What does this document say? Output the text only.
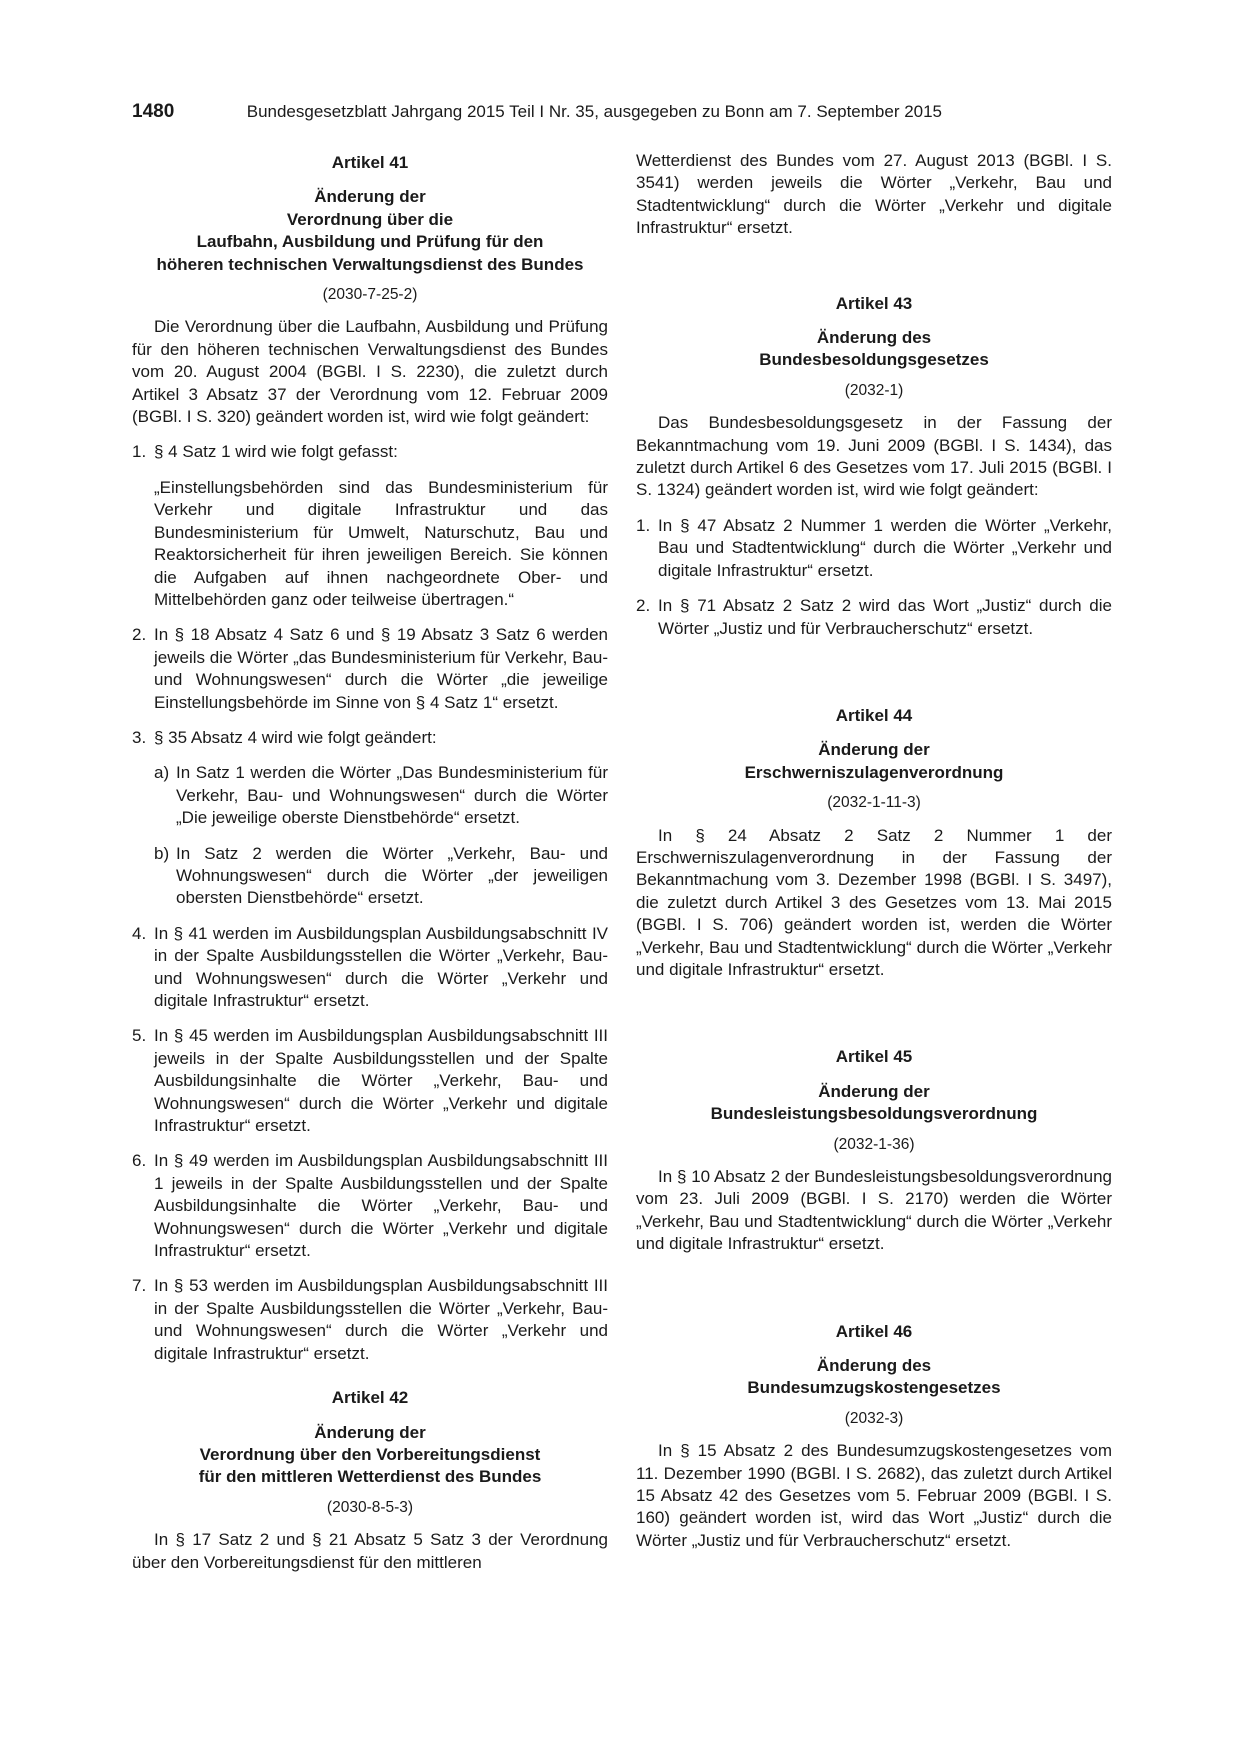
1480	Bundesgesetzblatt Jahrgang 2015 Teil I Nr. 35, ausgegeben zu Bonn am 7. September 2015
Artikel 41
Änderung der
Verordnung über die
Laufbahn, Ausbildung und Prüfung für den
höheren technischen Verwaltungsdienst des Bundes
(2030-7-25-2)

Die Verordnung über die Laufbahn, Ausbildung und Prüfung für den höheren technischen Verwaltungsdienst des Bundes vom 20. August 2004 (BGBl. I S. 2230), die zuletzt durch Artikel 3 Absatz 37 der Verordnung vom 12. Februar 2009 (BGBl. I S. 320) geändert worden ist, wird wie folgt geändert:

1. § 4 Satz 1 wird wie folgt gefasst:

„Einstellungsbehörden sind das Bundesministerium für Verkehr und digitale Infrastruktur und das Bundesministerium für Umwelt, Naturschutz, Bau und Reaktorsicherheit für ihren jeweiligen Bereich. Sie können die Aufgaben auf ihnen nachgeordnete Ober- und Mittelbehörden ganz oder teilweise übertragen.“

2. In § 18 Absatz 4 Satz 6 und § 19 Absatz 3 Satz 6 werden jeweils die Wörter „das Bundesministerium für Verkehr, Bau- und Wohnungswesen“ durch die Wörter „die jeweilige Einstellungsbehörde im Sinne von § 4 Satz 1“ ersetzt.
3. § 35 Absatz 4 wird wie folgt geändert:
a) In Satz 1 werden die Wörter „Das Bundesministerium für Verkehr, Bau- und Wohnungswesen“ durch die Wörter „Die jeweilige oberste Dienstbehörde“ ersetzt.
b) In Satz 2 werden die Wörter „Verkehr, Bau- und Wohnungswesen“ durch die Wörter „der jeweiligen obersten Dienstbehörde“ ersetzt.
4. In § 41 werden im Ausbildungsplan Ausbildungsabschnitt IV in der Spalte Ausbildungsstellen die Wörter „Verkehr, Bau- und Wohnungswesen“ durch die Wörter „Verkehr und digitale Infrastruktur“ ersetzt.
5. In § 45 werden im Ausbildungsplan Ausbildungsabschnitt III jeweils in der Spalte Ausbildungsstellen und der Spalte Ausbildungsinhalte die Wörter „Verkehr, Bau- und Wohnungswesen“ durch die Wörter „Verkehr und digitale Infrastruktur“ ersetzt.
6. In § 49 werden im Ausbildungsplan Ausbildungsabschnitt III 1 jeweils in der Spalte Ausbildungsstellen und der Spalte Ausbildungsinhalte die Wörter „Verkehr, Bau- und Wohnungswesen“ durch die Wörter „Verkehr und digitale Infrastruktur“ ersetzt.
7. In § 53 werden im Ausbildungsplan Ausbildungsabschnitt III in der Spalte Ausbildungsstellen die Wörter „Verkehr, Bau- und Wohnungswesen“ durch die Wörter „Verkehr und digitale Infrastruktur“ ersetzt.
Artikel 42
Änderung der
Verordnung über den Vorbereitungsdienst
für den mittleren Wetterdienst des Bundes
(2030-8-5-3)

In § 17 Satz 2 und § 21 Absatz 5 Satz 3 der Verordnung über den Vorbereitungsdienst für den mittleren

Wetterdienst des Bundes vom 27. August 2013 (BGBl. I S. 3541) werden jeweils die Wörter „Verkehr, Bau und Stadtentwicklung“ durch die Wörter „Verkehr und digitale Infrastruktur“ ersetzt.

Artikel 43
Änderung des
Bundesbesoldungsgesetzes
(2032-1)

Das Bundesbesoldungsgesetz in der Fassung der Bekanntmachung vom 19. Juni 2009 (BGBl. I S. 1434), das zuletzt durch Artikel 6 des Gesetzes vom 17. Juli 2015 (BGBl. I S. 1324) geändert worden ist, wird wie folgt geändert:

1. In § 47 Absatz 2 Nummer 1 werden die Wörter „Verkehr, Bau und Stadtentwicklung“ durch die Wörter „Verkehr und digitale Infrastruktur“ ersetzt.
2. In § 71 Absatz 2 Satz 2 wird das Wort „Justiz“ durch die Wörter „Justiz und für Verbraucherschutz“ ersetzt.
Artikel 44
Änderung der
Erschwerniszulagenverordnung
(2032-1-11-3)

In § 24 Absatz 2 Satz 2 Nummer 1 der Erschwerniszulagenverordnung in der Fassung der Bekanntmachung vom 3. Dezember 1998 (BGBl. I S. 3497), die zuletzt durch Artikel 3 des Gesetzes vom 13. Mai 2015 (BGBl. I S. 706) geändert worden ist, werden die Wörter „Verkehr, Bau und Stadtentwicklung“ durch die Wörter „Verkehr und digitale Infrastruktur“ ersetzt.

Artikel 45
Änderung der
Bundesleistungsbesoldungsverordnung
(2032-1-36)

In § 10 Absatz 2 der Bundesleistungsbesoldungsverordnung vom 23. Juli 2009 (BGBl. I S. 2170) werden die Wörter „Verkehr, Bau und Stadtentwicklung“ durch die Wörter „Verkehr und digitale Infrastruktur“ ersetzt.

Artikel 46
Änderung des
Bundesumzugskostengesetzes
(2032-3)

In § 15 Absatz 2 des Bundesumzugskostengesetzes vom 11. Dezember 1990 (BGBl. I S. 2682), das zuletzt durch Artikel 15 Absatz 42 des Gesetzes vom 5. Februar 2009 (BGBl. I S. 160) geändert worden ist, wird das Wort „Justiz“ durch die Wörter „Justiz und für Verbraucherschutz“ ersetzt.
